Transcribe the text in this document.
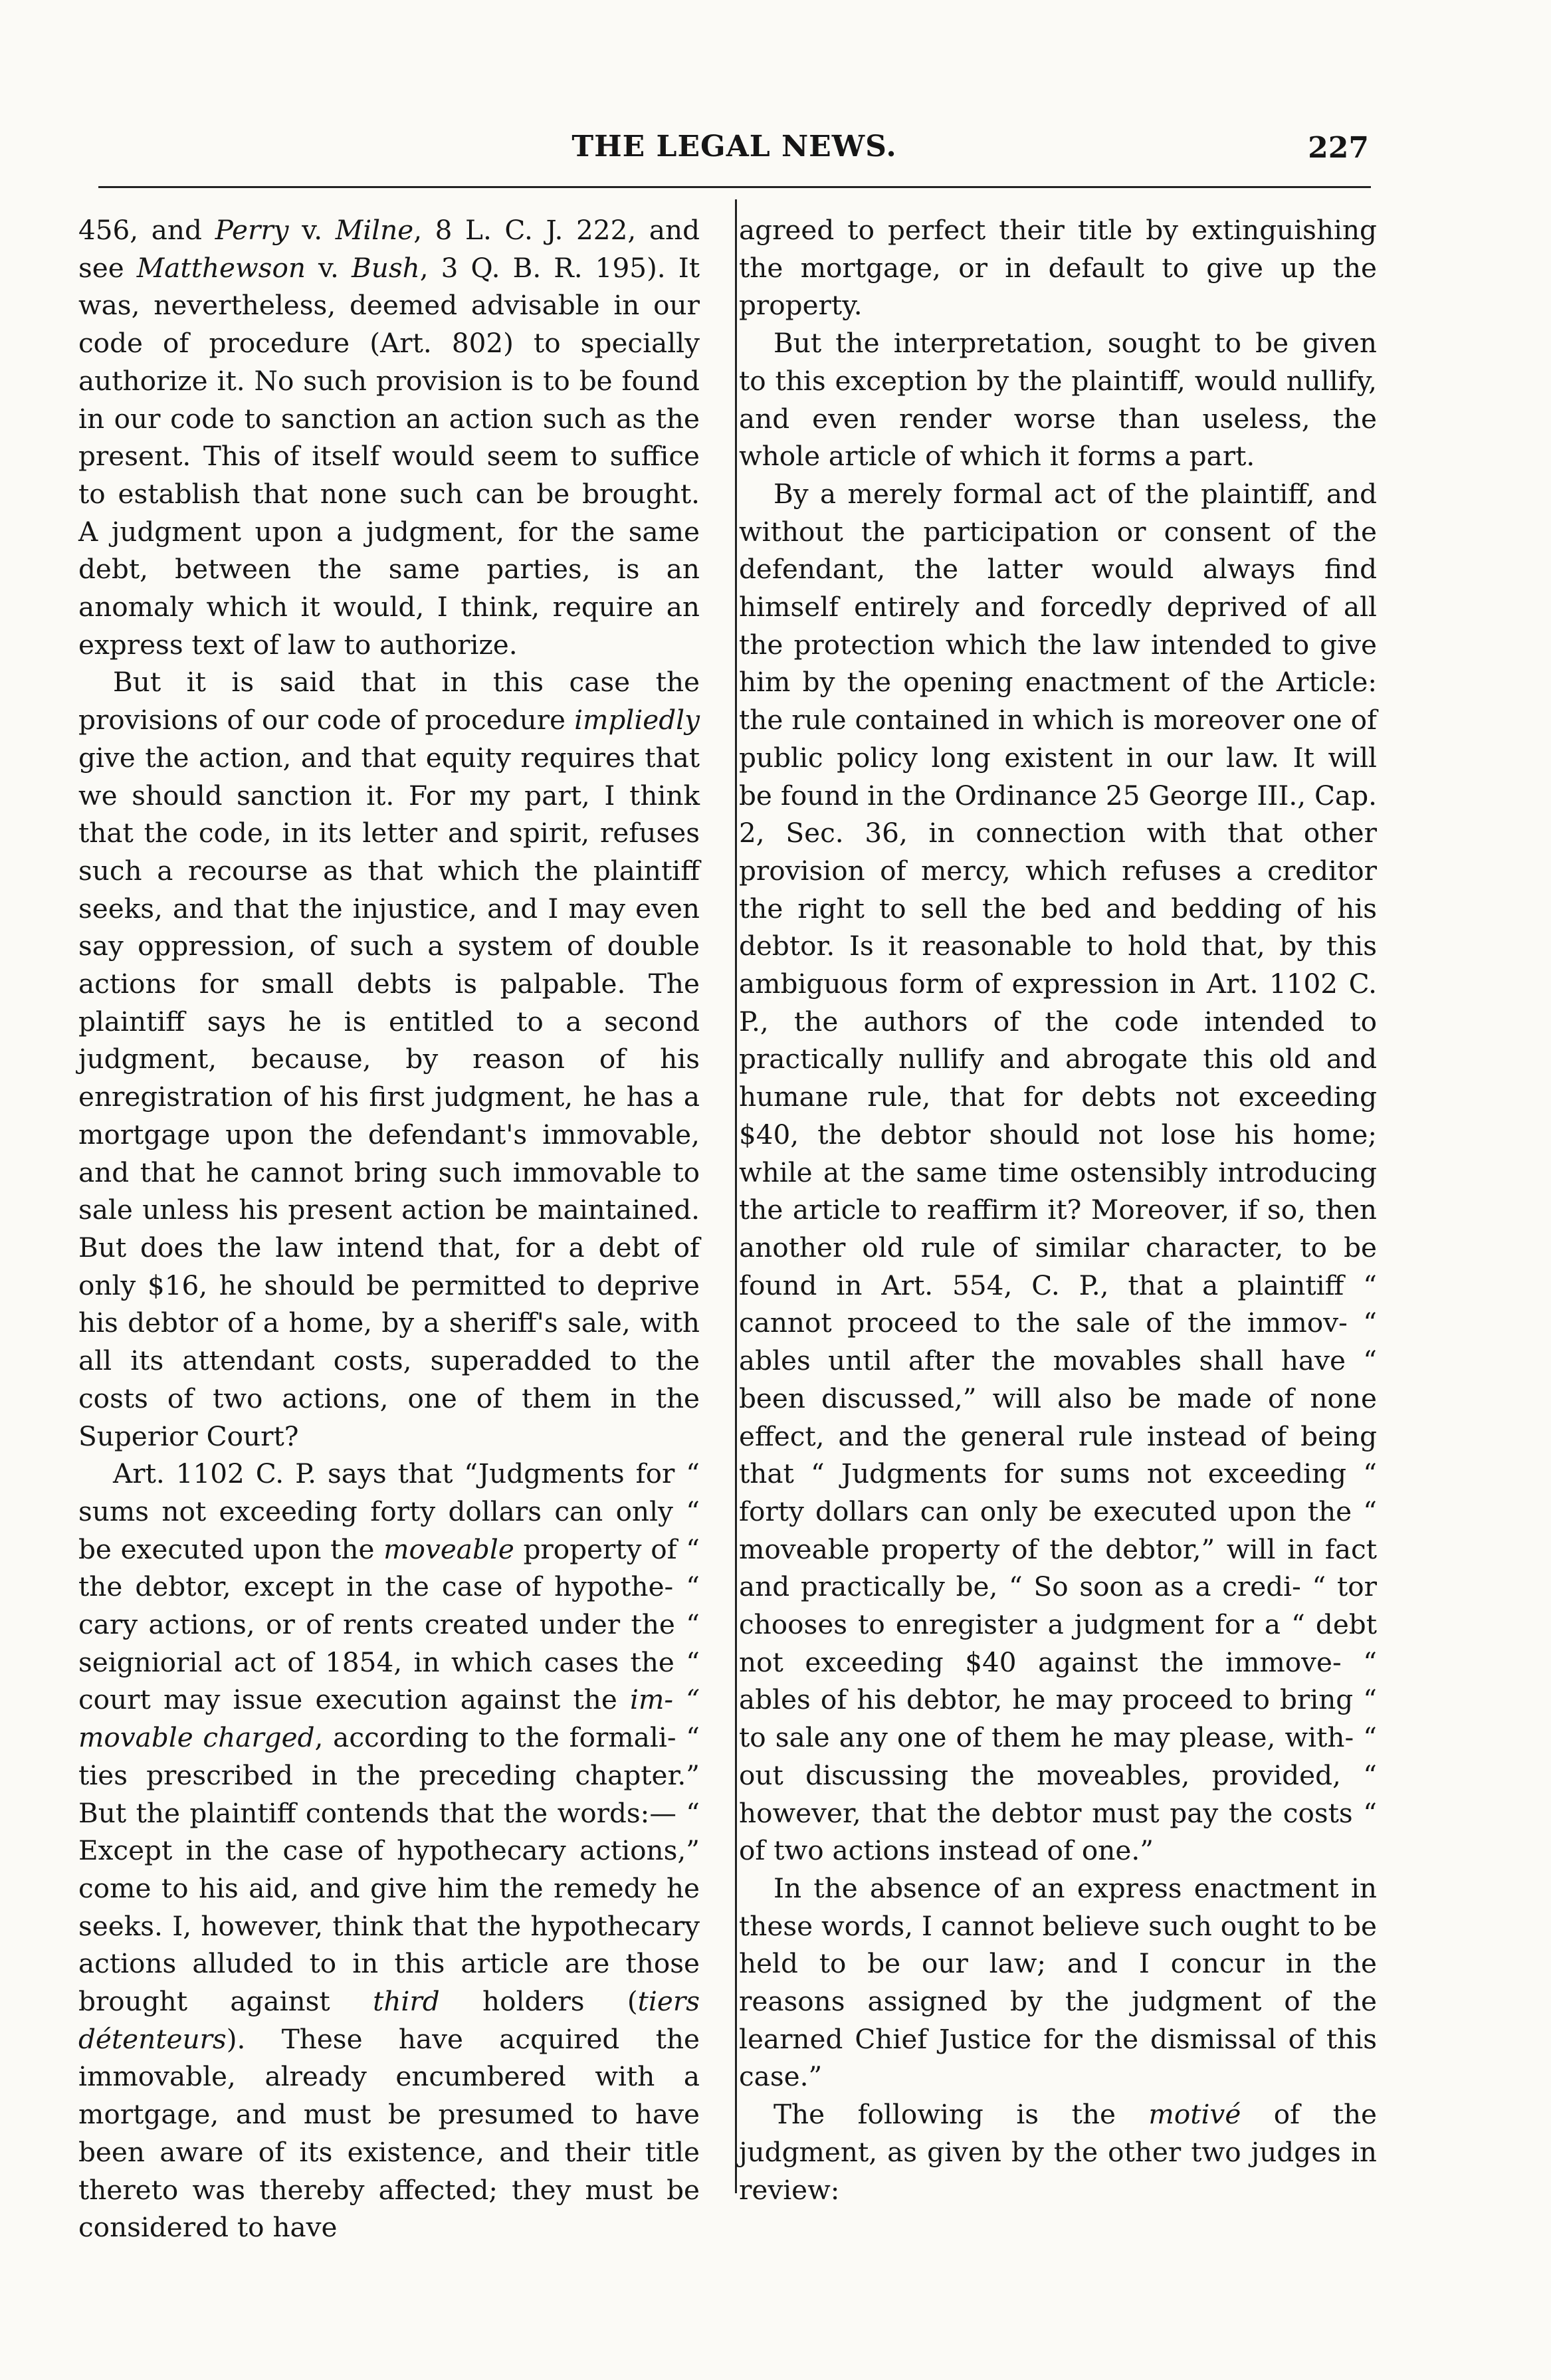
THE LEGAL NEWS.	227

456, and Perry v. Milne, 8 L. C. J. 222, and see Matthewson v. Bush, 3 Q. B. R. 195). It was, nevertheless, deemed advisable in our code of procedure (Art. 802) to specially authorize it. No such provision is to be found in our code to sanction an action such as the present. This of itself would seem to suffice to establish that none such can be brought. A judgment upon a judgment, for the same debt, between the same parties, is an anomaly which it would, I think, require an express text of law to authorize.

But it is said that in this case the provisions of our code of procedure impliedly give the action, and that equity requires that we should sanction it. For my part, I think that the code, in its letter and spirit, refuses such a recourse as that which the plaintiff seeks, and that the injustice, and I may even say oppression, of such a system of double actions for small debts is palpable. The plaintiff says he is entitled to a second judgment, because, by reason of his enregistration of his first judgment, he has a mortgage upon the defendant's immovable, and that he cannot bring such immovable to sale unless his present action be maintained. But does the law intend that, for a debt of only $16, he should be permitted to deprive his debtor of a home, by a sheriff's sale, with all its attendant costs, superadded to the costs of two actions, one of them in the Superior Court?

Art. 1102 C. P. says that “Judgments for “ sums not exceeding forty dollars can only “ be executed upon the moveable property of “ the debtor, except in the case of hypothe- “ cary actions, or of rents created under the “ seigniorial act of 1854, in which cases the “ court may issue execution against the im- “ movable charged, according to the formali- “ ties prescribed in the preceding chapter.” But the plaintiff contends that the words:— “ Except in the case of hypothecary actions,” come to his aid, and give him the remedy he seeks. I, however, think that the hypothecary actions alluded to in this article are those brought against third holders (tiers détenteurs). These have acquired the immovable, already encumbered with a mortgage, and must be presumed to have been aware of its existence, and their title thereto was thereby affected; they must be considered to have

agreed to perfect their title by extinguishing the mortgage, or in default to give up the property.

But the interpretation, sought to be given to this exception by the plaintiff, would nullify, and even render worse than useless, the whole article of which it forms a part.

By a merely formal act of the plaintiff, and without the participation or consent of the defendant, the latter would always find himself entirely and forcedly deprived of all the protection which the law intended to give him by the opening enactment of the Article: the rule contained in which is moreover one of public policy long existent in our law. It will be found in the Ordinance 25 George III., Cap. 2, Sec. 36, in connection with that other provision of mercy, which refuses a creditor the right to sell the bed and bedding of his debtor. Is it reasonable to hold that, by this ambiguous form of expression in Art. 1102 C. P., the authors of the code intended to practically nullify and abrogate this old and humane rule, that for debts not exceeding $40, the debtor should not lose his home; while at the same time ostensibly introducing the article to reaffirm it? Moreover, if so, then another old rule of similar character, to be found in Art. 554, C. P., that a plaintiff “ cannot proceed to the sale of the immov- “ ables until after the movables shall have “ been discussed,” will also be made of none effect, and the general rule instead of being that “ Judgments for sums not exceeding “ forty dollars can only be executed upon the “ moveable property of the debtor,” will in fact and practically be, “ So soon as a credi- “ tor chooses to enregister a judgment for a “ debt not exceeding $40 against the immove- “ ables of his debtor, he may proceed to bring “ to sale any one of them he may please, with- “ out discussing the moveables, provided, “ however, that the debtor must pay the costs “ of two actions instead of one.”

In the absence of an express enactment in these words, I cannot believe such ought to be held to be our law; and I concur in the reasons assigned by the judgment of the learned Chief Justice for the dismissal of this case.”

The following is the motivé of the judgment, as given by the other two judges in review:
